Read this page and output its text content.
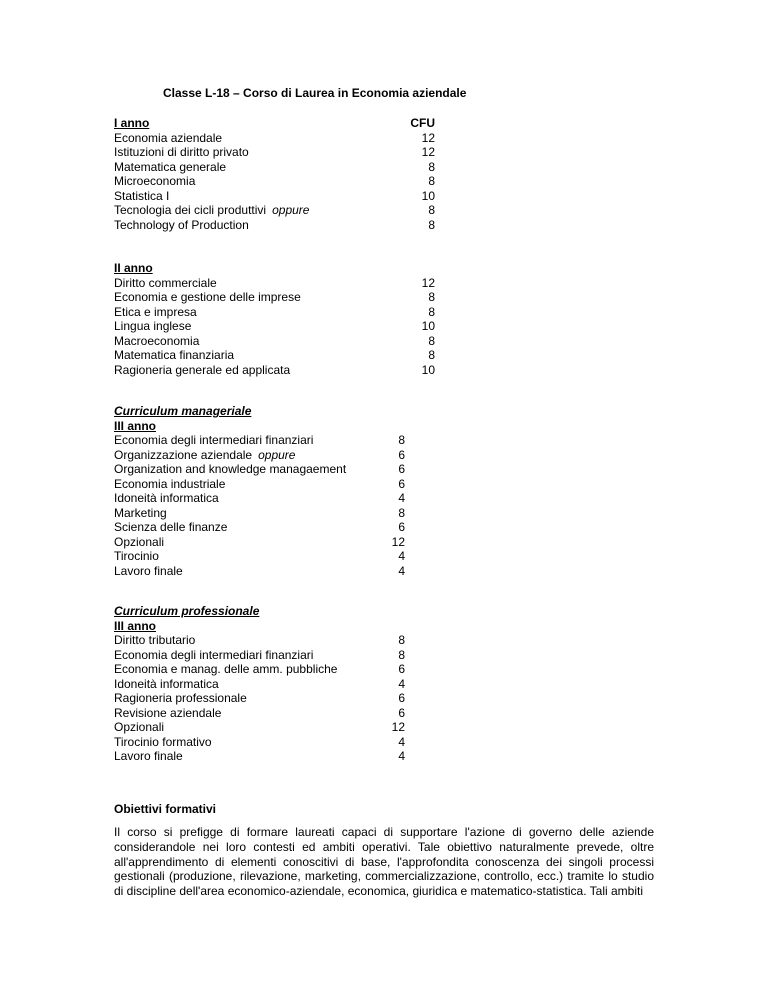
Classe L-18 – Corso di Laurea in Economia aziendale
I anno	CFU
Economia aziendale	12
Istituzioni di diritto privato	12
Matematica generale	8
Microeconomia	8
Statistica I	10
Tecnologia dei cicli produttivi oppure	8
Technology of Production	8
II anno
Diritto commerciale	12
Economia e gestione delle imprese	8
Etica e impresa	8
Lingua inglese	10
Macroeconomia	8
Matematica finanziaria	8
Ragioneria generale ed applicata	10
Curriculum manageriale
III anno
Economia degli intermediari finanziari	8
Organizzazione aziendale oppure	6
Organization and knowledge managaement	6
Economia industriale	6
Idoneità informatica	4
Marketing	8
Scienza delle finanze	6
Opzionali	12
Tirocinio	4
Lavoro finale	4
Curriculum professionale
III anno
Diritto tributario	8
Economia degli intermediari finanziari	8
Economia e manag. delle amm. pubbliche	6
Idoneità informatica	4
Ragioneria professionale	6
Revisione aziendale	6
Opzionali	12
Tirocinio formativo	4
Lavoro finale	4
Obiettivi formativi
Il corso si prefigge di formare laureati capaci di supportare l'azione di governo delle aziende considerandole nei loro contesti ed ambiti operativi. Tale obiettivo naturalmente prevede, oltre all'apprendimento di elementi conoscitivi di base, l'approfondita conoscenza dei singoli processi gestionali (produzione, rilevazione, marketing, commercializzazione, controllo, ecc.) tramite lo studio di discipline dell'area economico-aziendale, economica, giuridica e matematico-statistica. Tali ambiti
